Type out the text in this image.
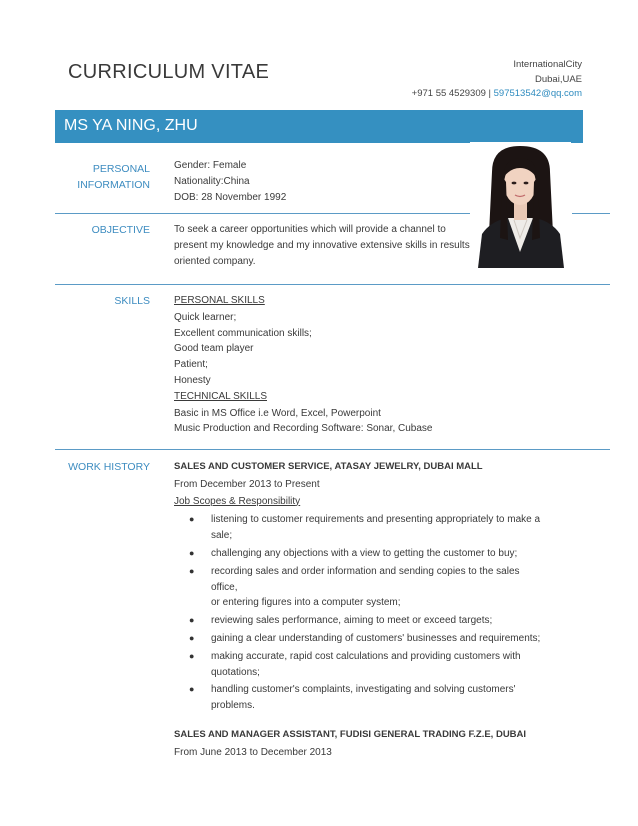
CURRICULUM VITAE	InternationalCity
Dubai,UAE
+971 55 4529309 | 597513542@qq.com
MS YA NING, ZHU
PERSONAL
INFORMATION
Gender: Female
Nationality:China
DOB: 28 November 1992
OBJECTIVE To seek a career opportunities which will provide a channel to
present my knowledge and my innovative extensive skills in results
oriented company.
SKILLS PERSONAL SKILLS
Quick learner;
Excellent communication skills;
Good team player
Patient;
Honesty
TECHNICAL SKILLS
Basic in MS Office i.e Word, Excel, Powerpoint
Music Production and Recording Software: Sonar, Cubase
WORK HISTORY	SALES AND CUSTOMER SERVICE, ATASAY JEWELRY, DUBAI MALL
From December 2013 to Present
Job Scopes & Responsibility
● listening to customer requirements and presenting appropriately to make a
sale;
● challenging any objections with a view to getting the customer to buy;
● recording sales and order information and sending copies to the sales office,
or entering figures into a computer system;
● reviewing sales performance, aiming to meet or exceed targets;
● gaining a clear understanding of customers' businesses and requirements;
● making accurate, rapid cost calculations and providing customers with
quotations;
● handling customer's complaints, investigating and solving customers'
problems.
SALES AND MANAGER ASSISTANT, FUDISI GENERAL TRADING F.Z.E, DUBAI
From June 2013 to December 2013
